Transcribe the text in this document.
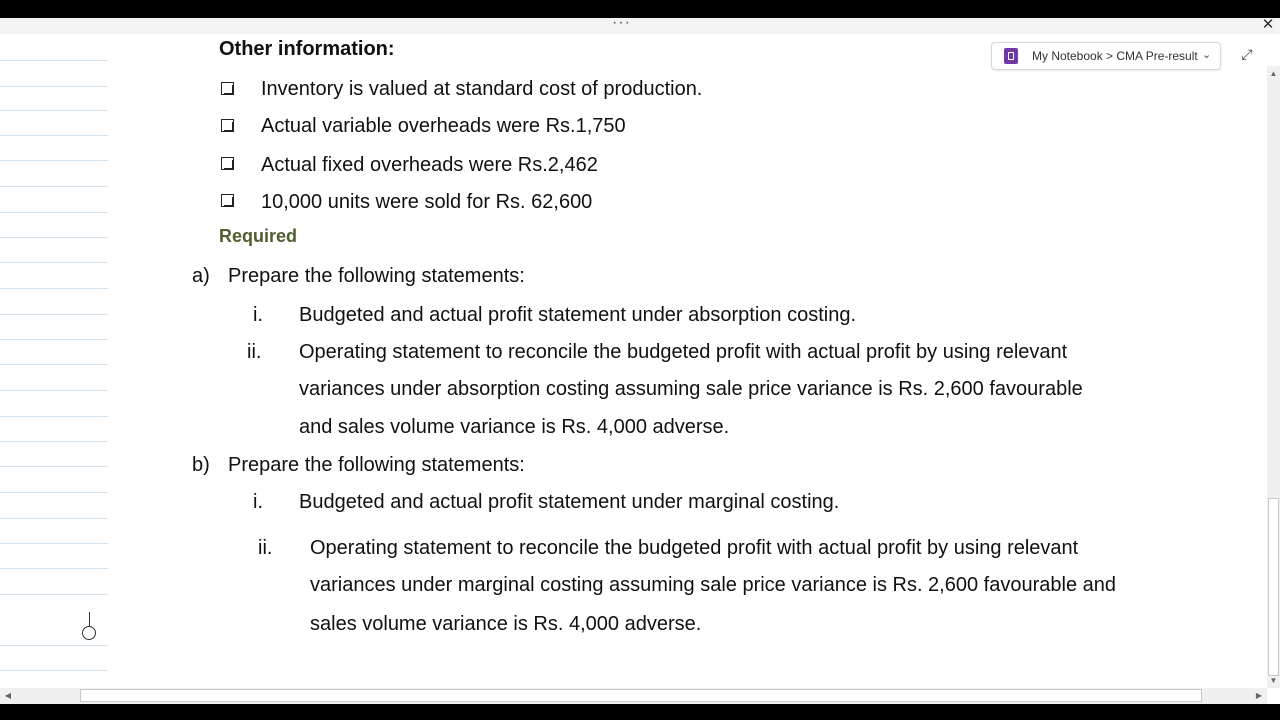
···	✕
My Notebook > CMA Pre-result ⌄ ⤢
Other information:
Inventory is valued at standard cost of production.
Actual variable overheads were Rs.1,750
Actual fixed overheads were Rs.2,462
10,000 units were sold for Rs. 62,600
Required
a) Prepare the following statements:
i. Budgeted and actual profit statement under absorption costing.
ii. Operating statement to reconcile the budgeted profit with actual profit by using relevant
variances under absorption costing assuming sale price variance is Rs. 2,600 favourable
and sales volume variance is Rs. 4,000 adverse.
b) Prepare the following statements:
i. Budgeted and actual profit statement under marginal costing.
ii. Operating statement to reconcile the budgeted profit with actual profit by using relevant
variances under marginal costing assuming sale price variance is Rs. 2,600 favourable and
sales volume variance is Rs. 4,000 adverse.
▲
▼
◀	▶
